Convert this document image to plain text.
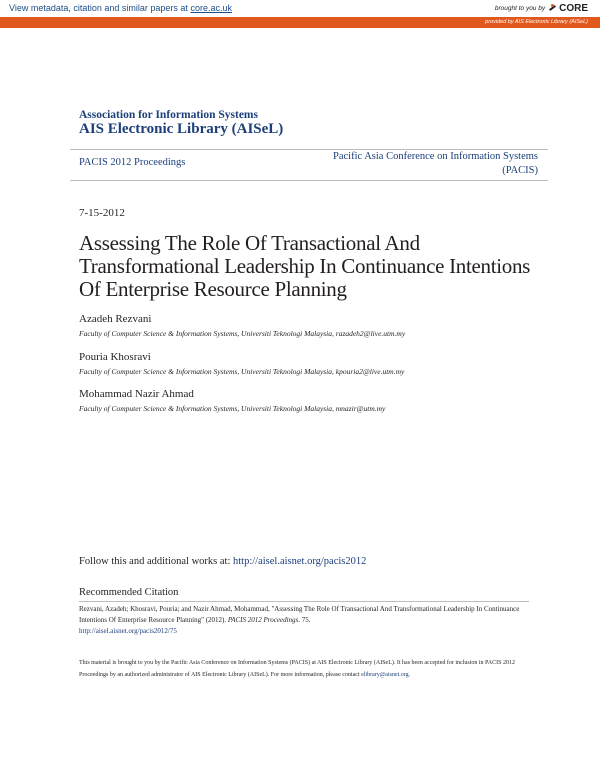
View metadata, citation and similar papers at core.ac.uk	brought to you by CORE
provided by AIS Electronic Library (AISeL)
Association for Information Systems
AIS Electronic Library (AISeL)
PACIS 2012 Proceedings
Pacific Asia Conference on Information Systems (PACIS)
7-15-2012
Assessing The Role Of Transactional And Transformational Leadership In Continuance Intentions Of Enterprise Resource Planning
Azadeh Rezvani
Faculty of Computer Science & Information Systems, Universiti Teknologi Malaysia, razadeh2@live.utm.my
Pouria Khosravi
Faculty of Computer Science & Information Systems, Universiti Teknologi Malaysia, kpouria2@live.utm.my
Mohammad Nazir Ahmad
Faculty of Computer Science & Information Systems, Universiti Teknologi Malaysia, mnazir@utm.my
Follow this and additional works at: http://aisel.aisnet.org/pacis2012
Recommended Citation
Rezvani, Azadeh; Khosravi, Pouria; and Nazir Ahmad, Mohammad, "Assessing The Role Of Transactional And Transformational Leadership In Continuance Intentions Of Enterprise Resource Planning" (2012). PACIS 2012 Proceedings. 75.
http://aisel.aisnet.org/pacis2012/75
This material is brought to you by the Pacific Asia Conference on Information Systems (PACIS) at AIS Electronic Library (AISeL). It has been accepted for inclusion in PACIS 2012 Proceedings by an authorized administrator of AIS Electronic Library (AISeL). For more information, please contact elibrary@aisnet.org.
